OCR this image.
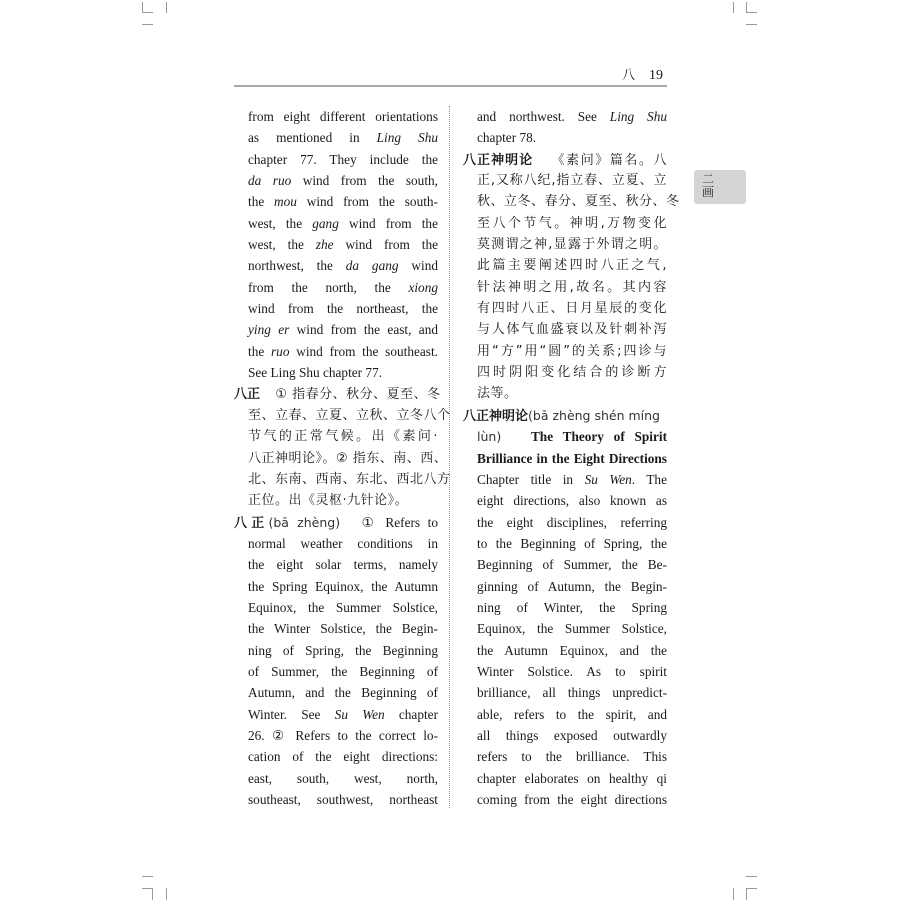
八 19
二
画
from eight different orientations
as mentioned in Ling Shu
chapter 77. They include the
da ruo wind from the south,
the mou wind from the south-
west, the gang wind from the
west, the zhe wind from the
northwest, the da gang wind
from the north, the xiong
wind from the northeast, the
ying er wind from the east, and
the ruo wind from the southeast.
See Ling Shu chapter 77.
八正 ① 指春分、秋分、夏至、冬
至、立春、立夏、立秋、立冬八个
节气的正常气候。出《素问·
八正神明论》。② 指东、南、西、
北、东南、西南、东北、西北八方
正位。出《灵枢·九针论》。
八正(bā zhèng) ① Refers to
normal weather conditions in
the eight solar terms, namely
the Spring Equinox, the Autumn
Equinox, the Summer Solstice,
the Winter Solstice, the Begin-
ning of Spring, the Beginning
of Summer, the Beginning of
Autumn, and the Beginning of
Winter. See Su Wen chapter
26. ② Refers to the correct lo-
cation of the eight directions:
east, south, west, north,
southeast, southwest, northeast
and northwest. See Ling Shu
chapter 78.
八正神明论 《素问》篇名。八
正,又称八纪,指立春、立夏、立
秋、立冬、春分、夏至、秋分、冬
至八个节气。神明,万物变化
莫测谓之神,显露于外谓之明。
此篇主要阐述四时八正之气,
针法神明之用,故名。其内容
有四时八正、日月星辰的变化
与人体气血盛衰以及针刺补泻
用“方”用“圆”的关系;四诊与
四时阴阳变化结合的诊断方
法等。
八正神明论(bā zhèng shén míng
lùn) The Theory of Spirit
Brilliance in the Eight Directions
Chapter title in Su Wen. The
eight directions, also known as
the eight disciplines, referring
to the Beginning of Spring, the
Beginning of Summer, the Be-
ginning of Autumn, the Begin-
ning of Winter, the Spring
Equinox, the Summer Solstice,
the Autumn Equinox, and the
Winter Solstice. As to spirit
brilliance, all things unpredict-
able, refers to the spirit, and
all things exposed outwardly
refers to the brilliance. This
chapter elaborates on healthy qi
coming from the eight directions
